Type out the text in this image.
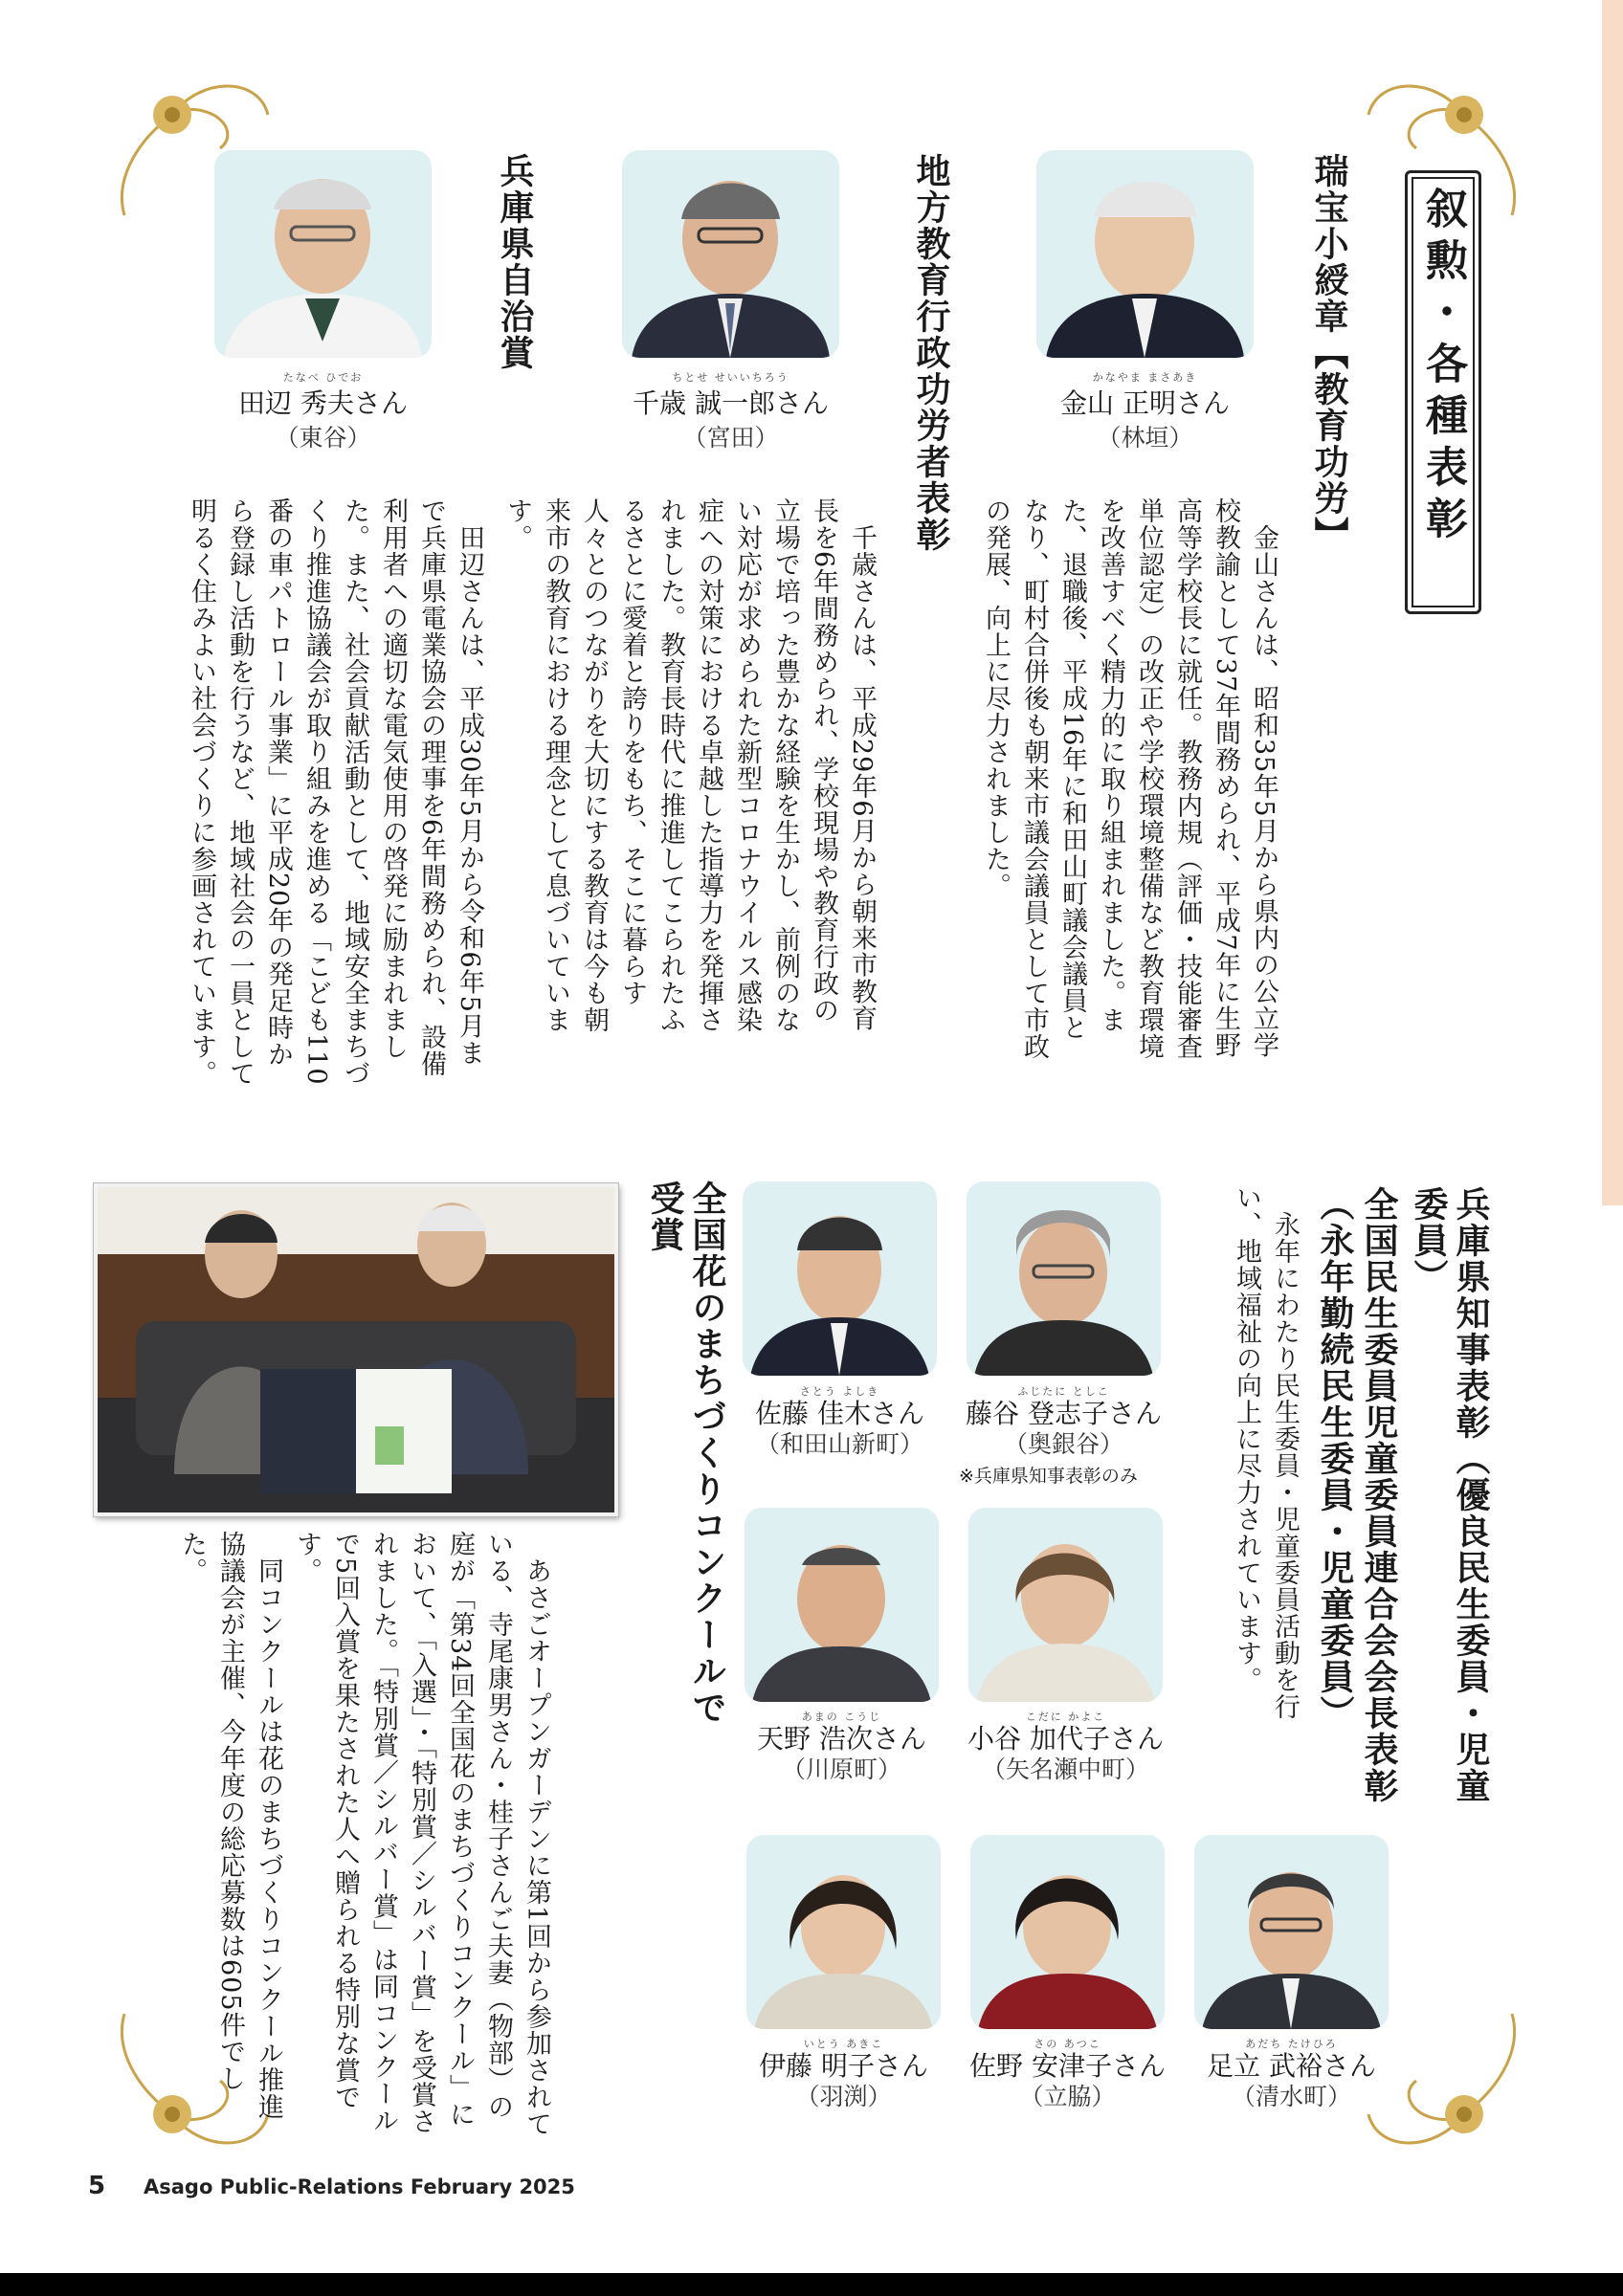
叙勲・各種表彰
瑞宝小綬章【教育功労】
かなやま まさあき
金山 正明さん
（林垣）
　金山さんは、昭和35年5月から県内の公立学校教諭として37年間務められ、平成7年に生野高等学校長に就任。教務内規（評価・技能審査単位認定）の改正や学校環境整備など教育環境を改善すべく精力的に取り組まれました。また、退職後、平成16年に和田山町議会議員となり、町村合併後も朝来市議会議員として市政の発展、向上に尽力されました。
地方教育行政功労者表彰
ちとせ せいいちろう
千歳 誠一郎さん
（宮田）
　千歳さんは、平成29年6月から朝来市教育長を6年間務められ、学校現場や教育行政の立場で培った豊かな経験を生かし、前例のない対応が求められた新型コロナウイルス感染症への対策における卓越した指導力を発揮されました。教育長時代に推進してこられたふるさとに愛着と誇りをもち、そこに暮らす人々とのつながりを大切にする教育は今も朝来市の教育における理念として息づいています。
兵庫県自治賞
たなべ ひでお
田辺 秀夫さん
（東谷）
　田辺さんは、平成30年5月から令和6年5月まで兵庫県電業協会の理事を6年間務められ、設備利用者への適切な電気使用の啓発に励まれました。また、社会貢献活動として、地域安全まちづくり推進協議会が取り組みを進める「こども110番の車パトロール事業」に平成20年の発足時から登録し活動を行うなど、地域社会の一員として明るく住みよい社会づくりに参画されています。
兵庫県知事表彰（優良民生委員・児童委員）
全国民生委員児童委員連合会会長表彰
（永年勤続民生委員・児童委員）
　永年にわたり民生委員・児童委員活動を行い、地域福祉の向上に尽力されています。
ふじたに としこ
藤谷 登志子さん
（奥銀谷）
※兵庫県知事表彰のみ
さとう よしき
佐藤 佳木さん
（和田山新町）
こだに かよこ
小谷 加代子さん
（矢名瀬中町）
あまの こうじ
天野 浩次さん
（川原町）
あだち たけひろ
足立 武裕さん
（清水町）
さの あつこ
佐野 安津子さん
（立脇）
いとう あきこ
伊藤 明子さん
（羽渕）
全国花のまちづくりコンクールで受賞
　あさごオープンガーデンに第1回から参加されている、寺尾康男さん・桂子さんご夫妻（物部）の庭が「第34回全国花のまちづくりコンクール」において、「入選」・「特別賞／シルバー賞」を受賞されました。「特別賞／シルバー賞」は同コンクールで5回入賞を果たされた人へ贈られる特別な賞です。
　同コンクールは花のまちづくりコンクール推進協議会が主催、今年度の総応募数は605件でした。
5 Asago Public-Relations February 2025
